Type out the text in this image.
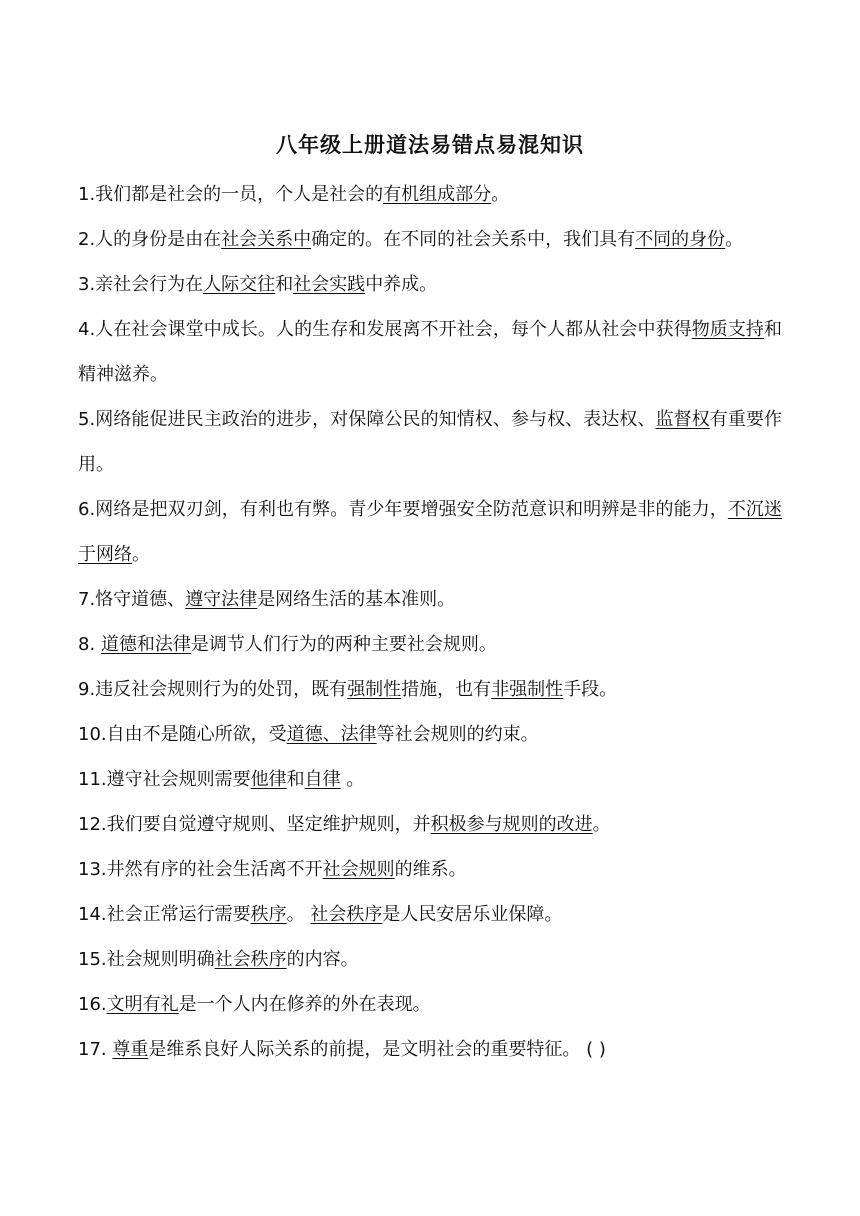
八年级上册道法易错点易混知识

1.我们都是社会的一员，个人是社会的有机组成部分。

2.人的身份是由在社会关系中确定的。在不同的社会关系中，我们具有不同的身份。

3.亲社会行为在人际交往和社会实践中养成。

4.人在社会课堂中成长。人的生存和发展离不开社会，每个人都从社会中获得物质支持和精神滋养。

5.网络能促进民主政治的进步，对保障公民的知情权、参与权、表达权、监督权有重要作用。

6.网络是把双刃剑，有利也有弊。青少年要增强安全防范意识和明辨是非的能力，不沉迷于网络。

7.恪守道德、遵守法律是网络生活的基本准则。

8. 道德和法律是调节人们行为的两种主要社会规则。

9.违反社会规则行为的处罚，既有强制性措施，也有非强制性手段。

10.自由不是随心所欲，受道德、法律等社会规则的约束。

11.遵守社会规则需要他律和自律 。

12.我们要自觉遵守规则、坚定维护规则，并积极参与规则的改进。

13.井然有序的社会生活离不开社会规则的维系。

14.社会正常运行需要秩序。 社会秩序是人民安居乐业保障。

15.社会规则明确社会秩序的内容。

16.文明有礼是一个人内在修养的外在表现。

17. 尊重是维系良好人际关系的前提，是文明社会的重要特征。 ( )
